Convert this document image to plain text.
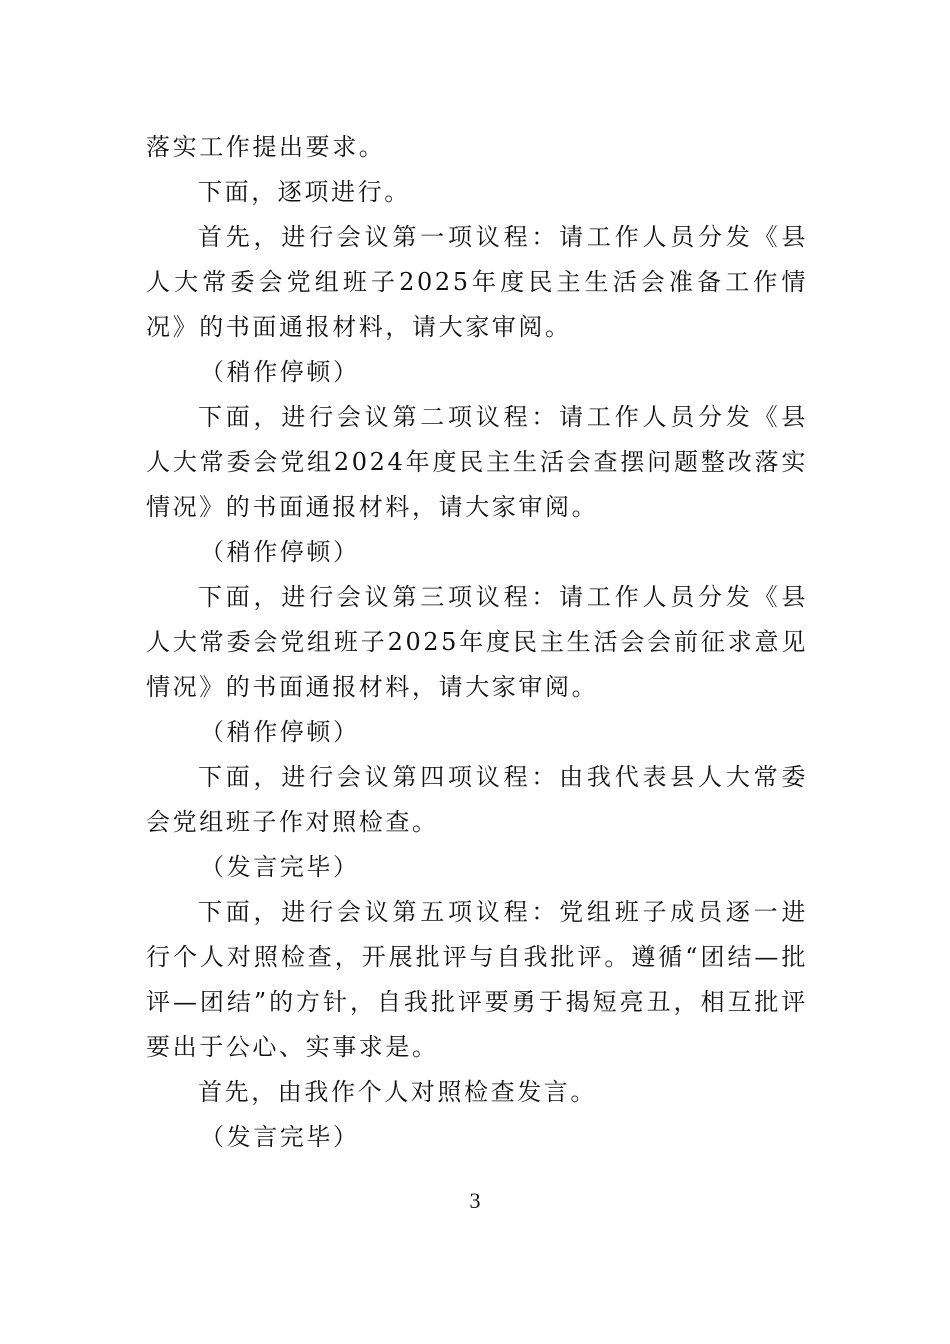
落实工作提出要求。

下面，逐项进行。

首先，进行会议第一项议程：请工作人员分发《县人大常委会党组班子2025年度民主生活会准备工作情况》的书面通报材料，请大家审阅。

（稍作停顿）

下面，进行会议第二项议程：请工作人员分发《县人大常委会党组2024年度民主生活会查摆问题整改落实情况》的书面通报材料，请大家审阅。

（稍作停顿）

下面，进行会议第三项议程：请工作人员分发《县人大常委会党组班子2025年度民主生活会会前征求意见情况》的书面通报材料，请大家审阅。

（稍作停顿）

下面，进行会议第四项议程：由我代表县人大常委会党组班子作对照检查。

（发言完毕）

下面，进行会议第五项议程：党组班子成员逐一进行个人对照检查，开展批评与自我批评。遵循“团结—批评—团结”的方针，自我批评要勇于揭短亮丑，相互批评要出于公心、实事求是。

首先，由我作个人对照检查发言。

（发言完毕）

3
